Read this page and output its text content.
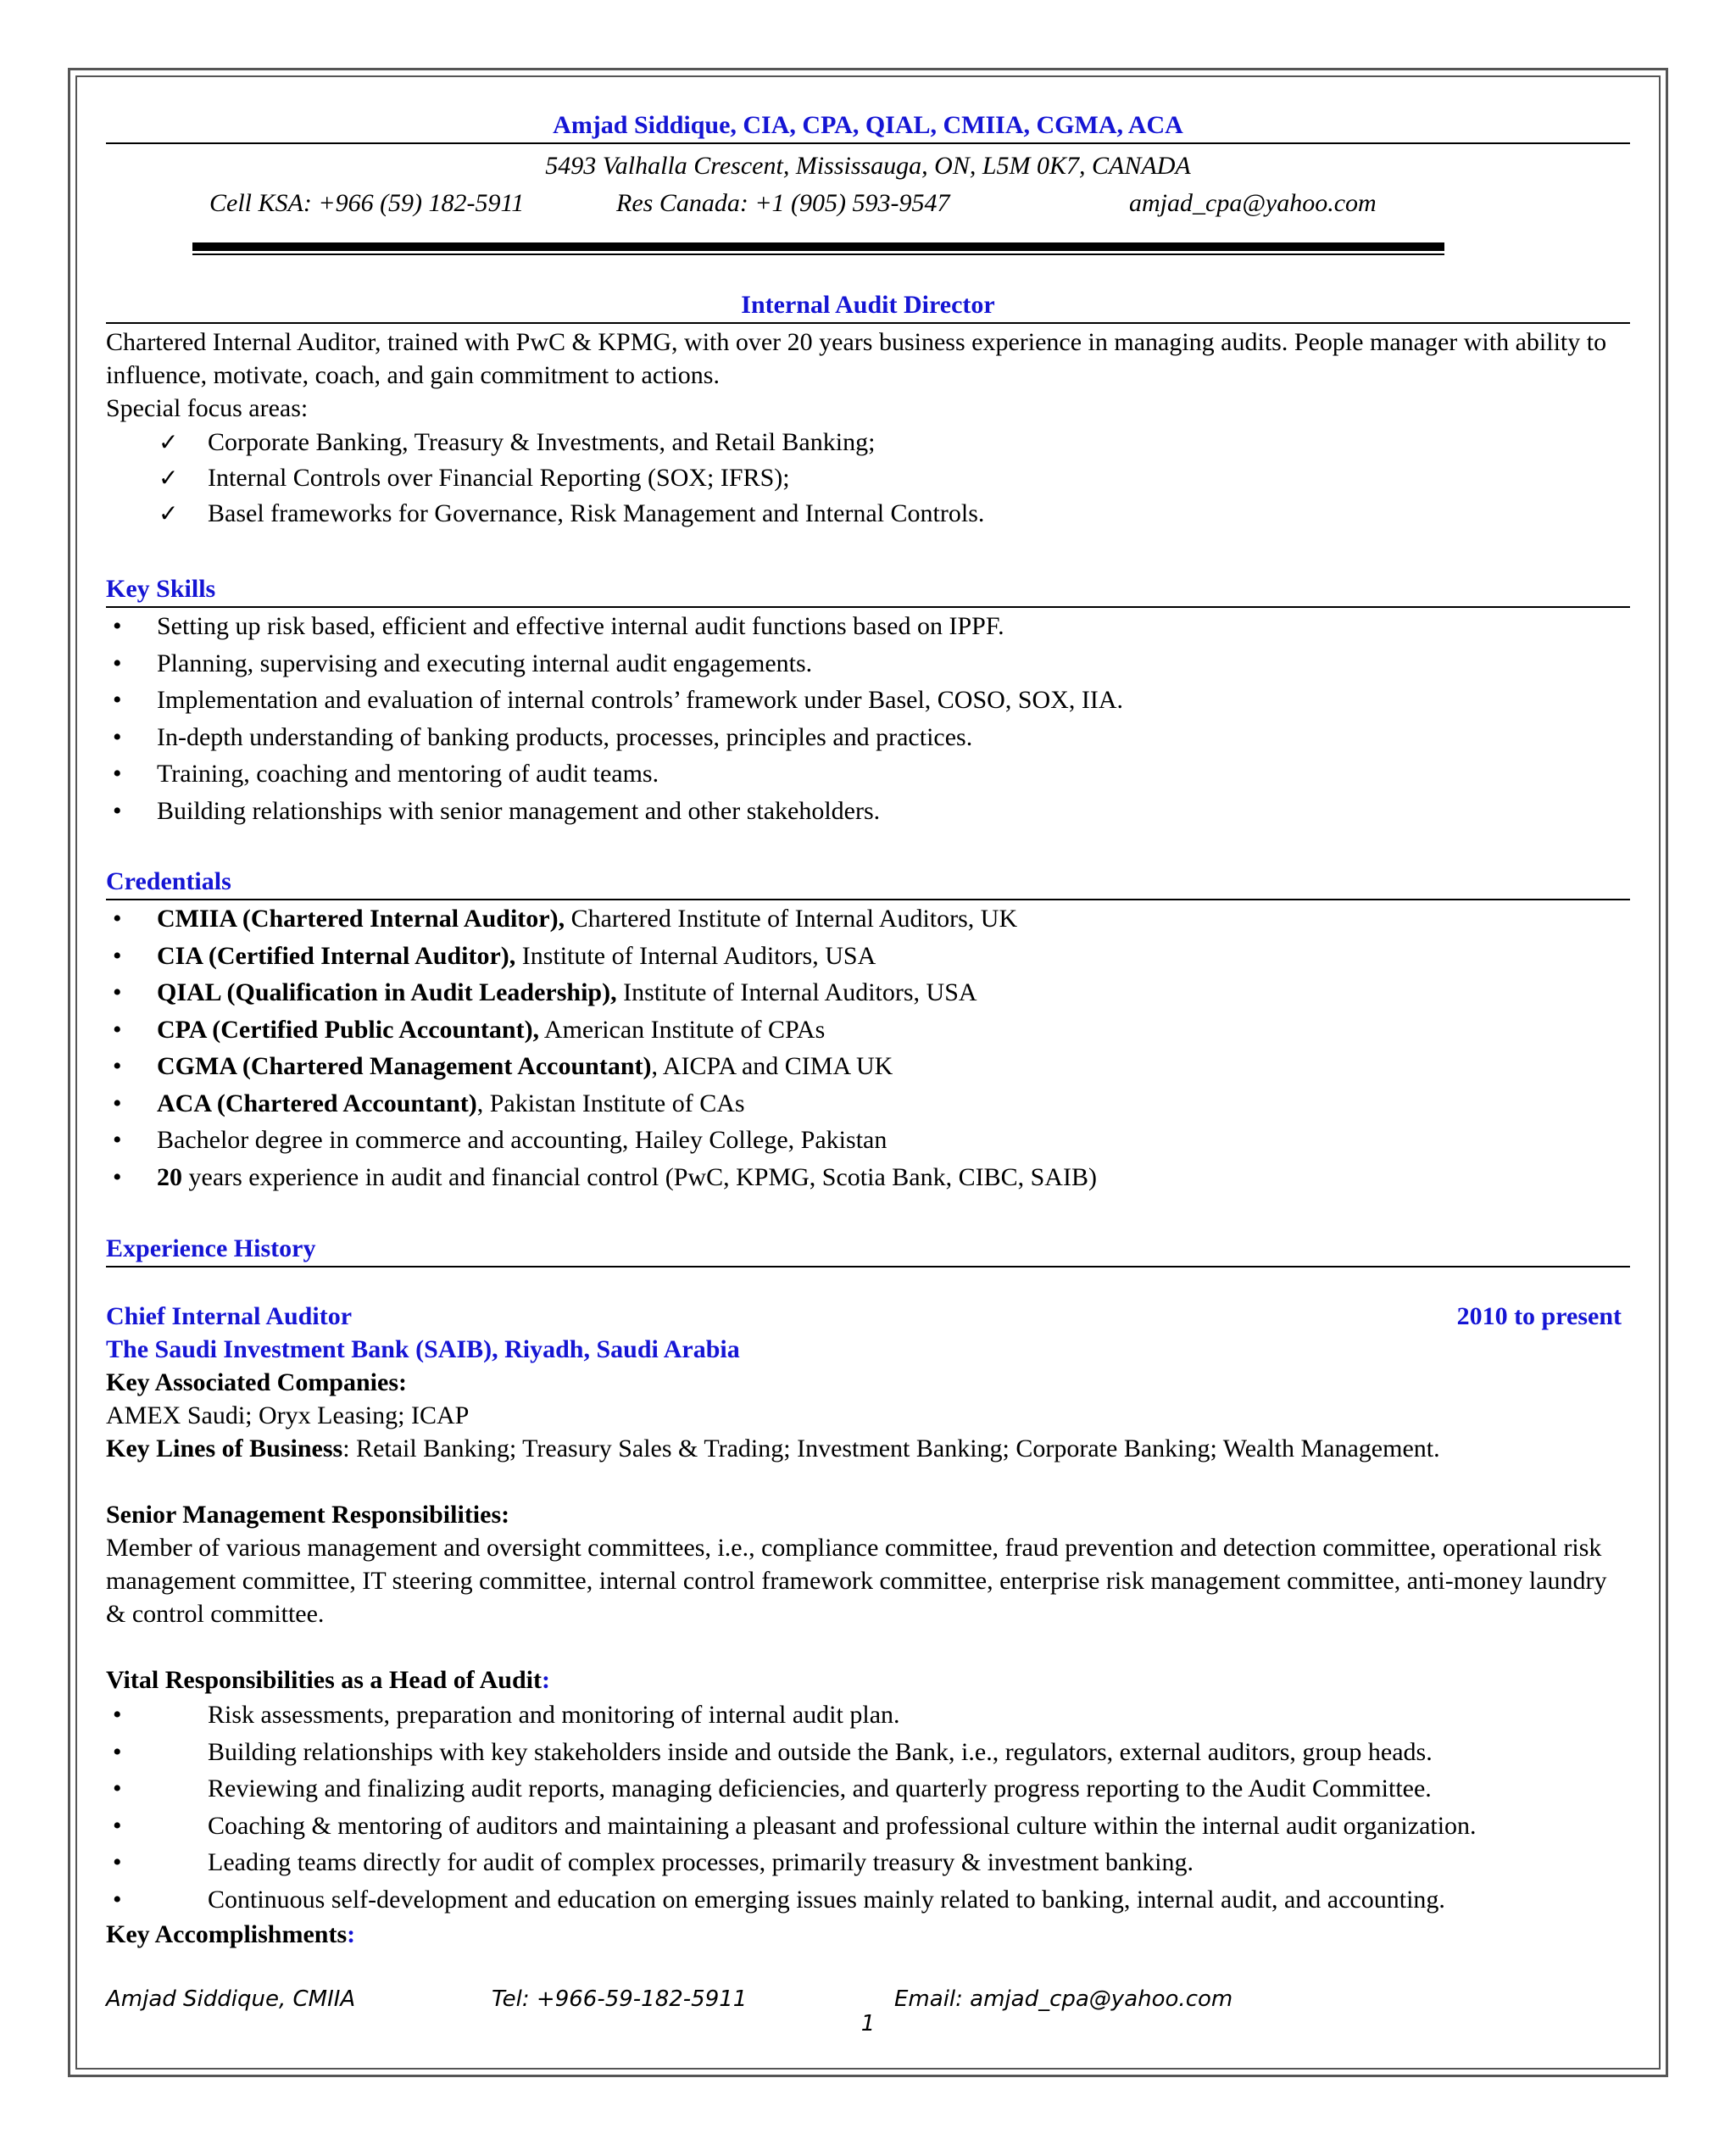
Amjad Siddique, CIA, CPA, QIAL, CMIIA, CGMA, ACA
5493 Valhalla Crescent, Mississauga, ON, L5M 0K7, CANADA
Cell KSA: +966 (59) 182-5911	Res Canada: +1 (905) 593-9547	amjad_cpa@yahoo.com
Internal Audit Director
Chartered Internal Auditor, trained with PwC & KPMG, with over 20 years business experience in managing audits. People manager with ability to influence, motivate, coach, and gain commitment to actions.
Special focus areas:
✓ Corporate Banking, Treasury & Investments, and Retail Banking;
✓ Internal Controls over Financial Reporting (SOX; IFRS);
✓ Basel frameworks for Governance, Risk Management and Internal Controls.
Key Skills
• Setting up risk based, efficient and effective internal audit functions based on IPPF.
• Planning, supervising and executing internal audit engagements.
• Implementation and evaluation of internal controls’ framework under Basel, COSO, SOX, IIA.
• In-depth understanding of banking products, processes, principles and practices.
• Training, coaching and mentoring of audit teams.
• Building relationships with senior management and other stakeholders.
Credentials
• CMIIA (Chartered Internal Auditor), Chartered Institute of Internal Auditors, UK
• CIA (Certified Internal Auditor), Institute of Internal Auditors, USA
• QIAL (Qualification in Audit Leadership), Institute of Internal Auditors, USA
• CPA (Certified Public Accountant), American Institute of CPAs
• CGMA (Chartered Management Accountant), AICPA and CIMA UK
• ACA (Chartered Accountant), Pakistan Institute of CAs
• Bachelor degree in commerce and accounting, Hailey College, Pakistan
• 20 years experience in audit and financial control (PwC, KPMG, Scotia Bank, CIBC, SAIB)
Experience History
Chief Internal Auditor	2010 to present
The Saudi Investment Bank (SAIB), Riyadh, Saudi Arabia
Key Associated Companies:
AMEX Saudi; Oryx Leasing; ICAP
Key Lines of Business: Retail Banking; Treasury Sales & Trading; Investment Banking; Corporate Banking; Wealth Management.
Senior Management Responsibilities:
Member of various management and oversight committees, i.e., compliance committee, fraud prevention and detection committee, operational risk management committee, IT steering committee, internal control framework committee, enterprise risk management committee, anti-money laundry & control committee.
Vital Responsibilities as a Head of Audit:
•	Risk assessments, preparation and monitoring of internal audit plan.
•	Building relationships with key stakeholders inside and outside the Bank, i.e., regulators, external auditors, group heads.
•	Reviewing and finalizing audit reports, managing deficiencies, and quarterly progress reporting to the Audit Committee.
•	Coaching & mentoring of auditors and maintaining a pleasant and professional culture within the internal audit organization.
•	Leading teams directly for audit of complex processes, primarily treasury & investment banking.
•	Continuous self-development and education on emerging issues mainly related to banking, internal audit, and accounting.
Key Accomplishments:
Amjad Siddique, CMIIA	Tel: +966-59-182-5911	Email: amjad_cpa@yahoo.com
1
